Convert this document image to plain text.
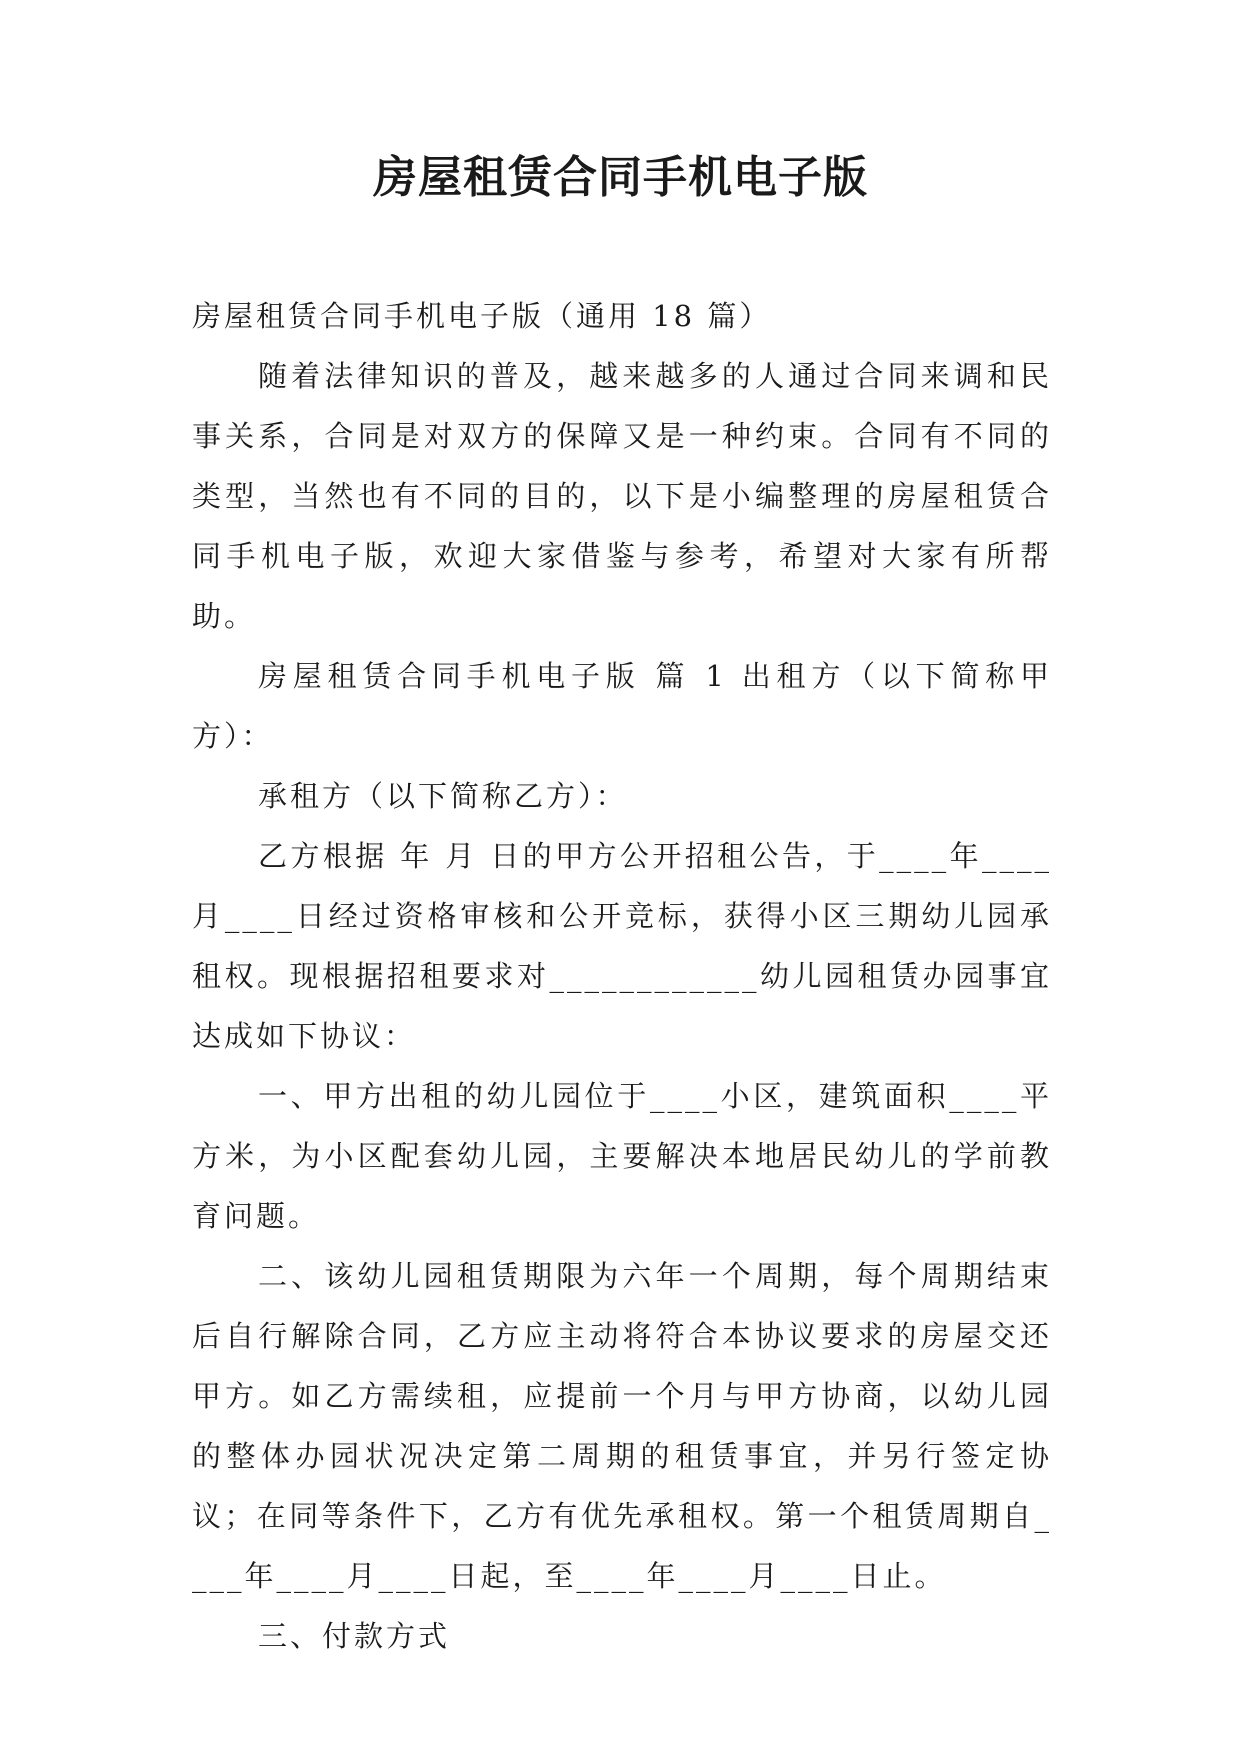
房屋租赁合同手机电子版

房屋租赁合同手机电子版（通用 18 篇）

随着法律知识的普及，越来越多的人通过合同来调和民事关系，合同是对双方的保障又是一种约束。合同有不同的类型，当然也有不同的目的，以下是小编整理的房屋租赁合同手机电子版，欢迎大家借鉴与参考，希望对大家有所帮助。

房屋租赁合同手机电子版 篇 1 出租方（以下简称甲方）：

承租方（以下简称乙方）：

乙方根据 年 月 日的甲方公开招租公告，于____年____月____日经过资格审核和公开竞标，获得小区三期幼儿园承租权。现根据招租要求对____________幼儿园租赁办园事宜达成如下协议：

一、甲方出租的幼儿园位于____小区，建筑面积____平方米，为小区配套幼儿园，主要解决本地居民幼儿的学前教育问题。

二、该幼儿园租赁期限为六年一个周期，每个周期结束后自行解除合同，乙方应主动将符合本协议要求的房屋交还甲方。如乙方需续租，应提前一个月与甲方协商，以幼儿园的整体办园状况决定第二周期的租赁事宜，并另行签定协议；在同等条件下，乙方有优先承租权。第一个租赁周期自____年____月____日起，至____年____月____日止。

三、付款方式
